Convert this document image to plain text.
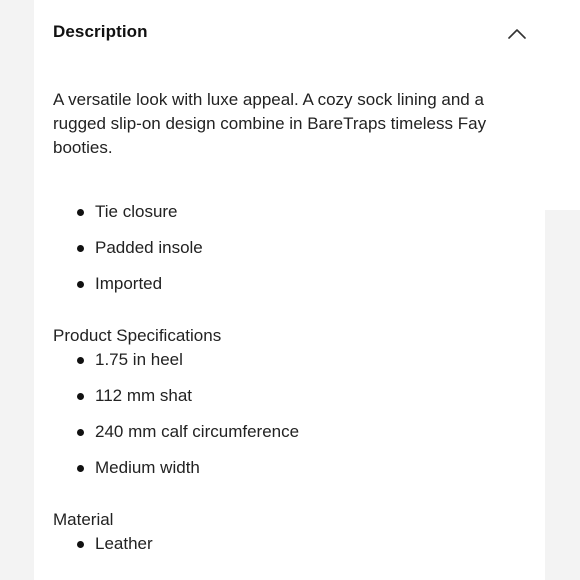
Description
A versatile look with luxe appeal. A cozy sock lining and a rugged slip-on design combine in BareTraps timeless Fay booties.
Tie closure
Padded insole
Imported
Product Specifications
1.75 in heel
112 mm shat
240 mm calf circumference
Medium width
Material
Leather
